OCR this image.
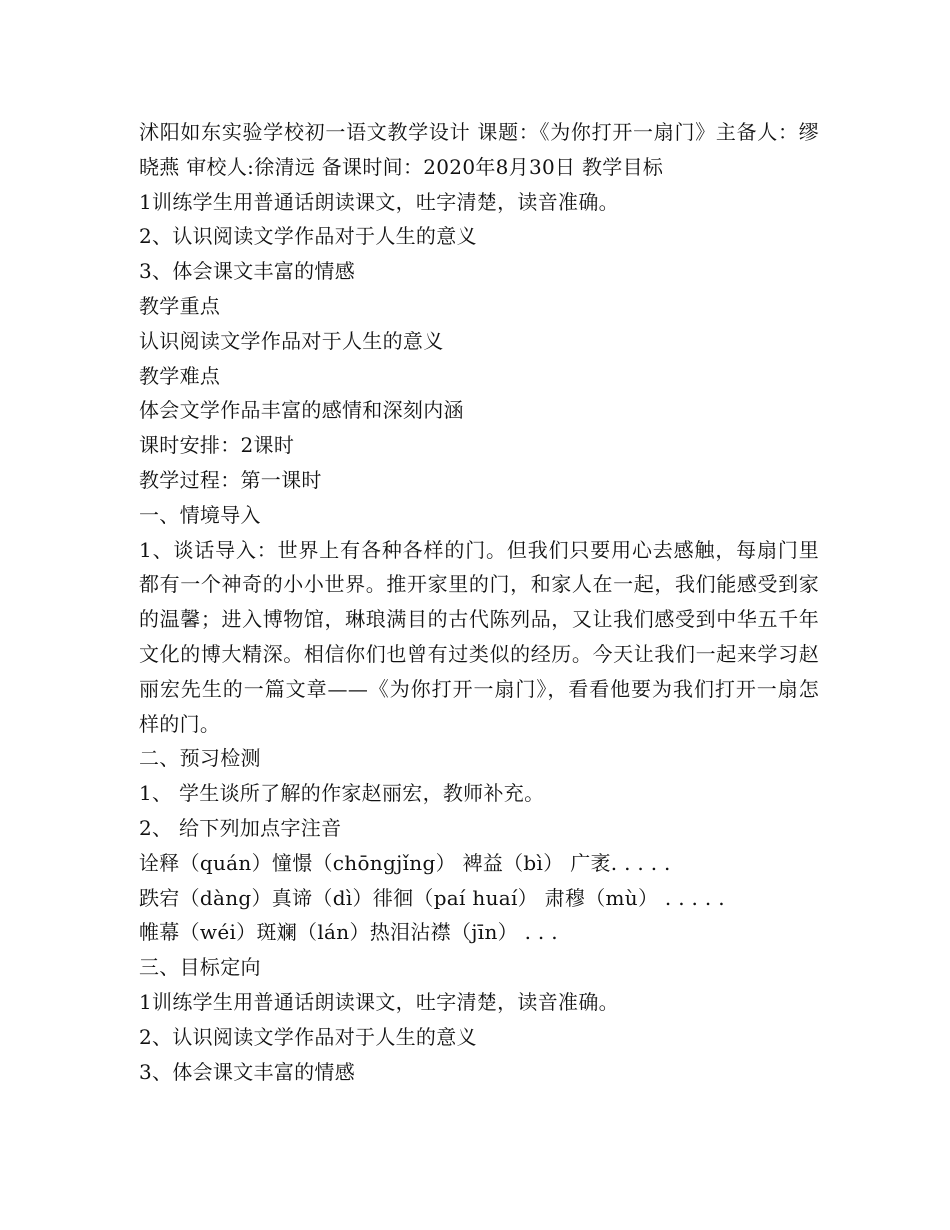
沭阳如东实验学校初一语文教学设计 课题：《为你打开一扇门》主备人：缪晓燕 审校人:徐清远 备课时间：2020年8月30日 教学目标

1训练学生用普通话朗读课文，吐字清楚，读音准确。

2、认识阅读文学作品对于人生的意义

3、体会课文丰富的情感

教学重点

认识阅读文学作品对于人生的意义

教学难点

体会文学作品丰富的感情和深刻内涵

课时安排：2课时

教学过程：第一课时

一、情境导入

1、谈话导入：世界上有各种各样的门。但我们只要用心去感触，每扇门里都有一个神奇的小小世界。推开家里的门，和家人在一起，我们能感受到家的温馨；进入博物馆，琳琅满目的古代陈列品，又让我们感受到中华五千年文化的博大精深。相信你们也曾有过类似的经历。今天让我们一起来学习赵丽宏先生的一篇文章——《为你打开一扇门》，看看他要为我们打开一扇怎样的门。

二、预习检测

1、 学生谈所了解的作家赵丽宏，教师补充。

2、 给下列加点字注音

诠释（quán）憧憬（chōngjǐng） 裨益（bì） 广袤. . . . .

跌宕（dàng）真谛（dì）徘徊（paí huaí） 肃穆（mù） . . . . .

帷幕（wéi）斑斓（lán）热泪沾襟（jīn） . . .

三、目标定向

1训练学生用普通话朗读课文，吐字清楚，读音准确。

2、认识阅读文学作品对于人生的意义

3、体会课文丰富的情感
